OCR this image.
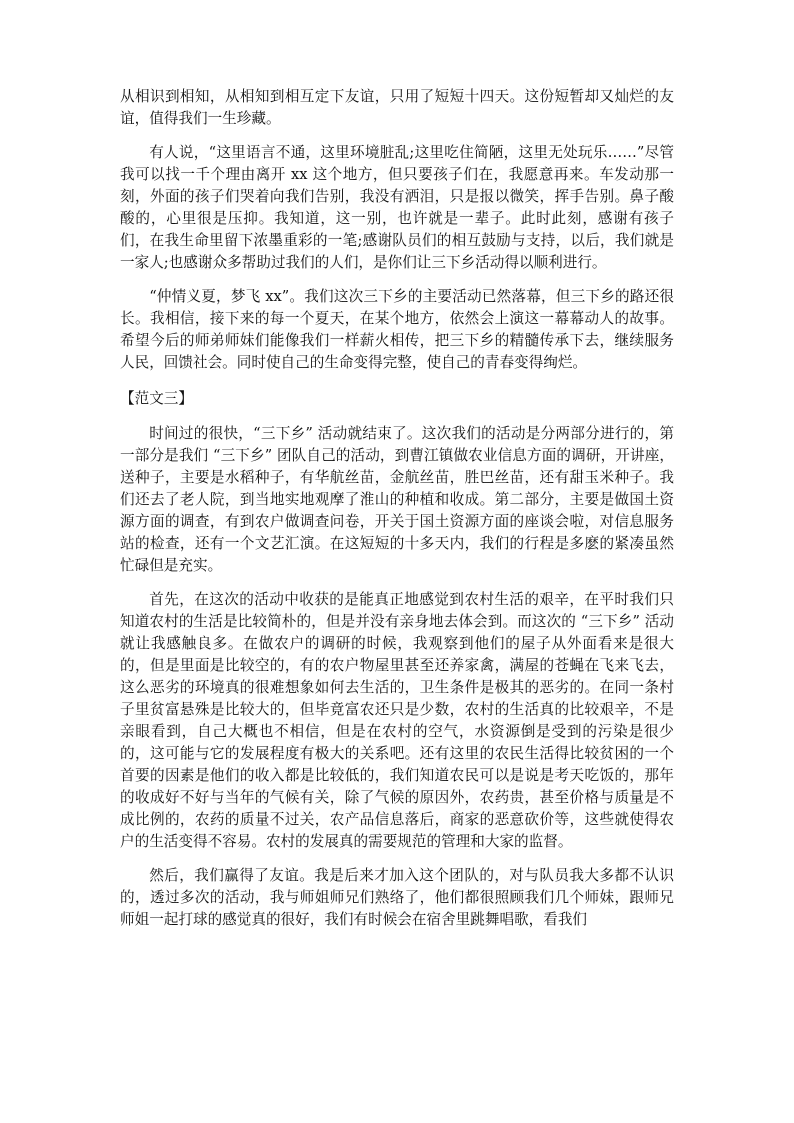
从相识到相知，从相知到相互定下友谊，只用了短短十四天。这份短暂却又灿烂的友谊，值得我们一生珍藏。

有人说，“这里语言不通，这里环境脏乱;这里吃住简陋，这里无处玩乐……”尽管我可以找一千个理由离开 xx 这个地方，但只要孩子们在，我愿意再来。车发动那一刻，外面的孩子们哭着向我们告别，我没有洒泪，只是报以微笑，挥手告别。鼻子酸酸的，心里很是压抑。我知道，这一别，也许就是一辈子。此时此刻，感谢有孩子们，在我生命里留下浓墨重彩的一笔;感谢队员们的相互鼓励与支持，以后，我们就是一家人;也感谢众多帮助过我们的人们，是你们让三下乡活动得以顺利进行。

“仲情义夏，梦飞 xx”。我们这次三下乡的主要活动已然落幕，但三下乡的路还很长。我相信，接下来的每一个夏天，在某个地方，依然会上演这一幕幕动人的故事。希望今后的师弟师妹们能像我们一样薪火相传，把三下乡的精髓传承下去，继续服务人民，回馈社会。同时使自己的生命变得完整，使自己的青春变得绚烂。

【范文三】

时间过的很快，“三下乡” 活动就结束了。这次我们的活动是分两部分进行的，第一部分是我们 “三下乡” 团队自己的活动，到曹江镇做农业信息方面的调研，开讲座，送种子，主要是水稻种子，有华航丝苗，金航丝苗，胜巴丝苗，还有甜玉米种子。我们还去了老人院，到当地实地观摩了淮山的种植和收成。第二部分，主要是做国土资源方面的调查，有到农户做调查问卷，开关于国土资源方面的座谈会啦，对信息服务站的检查，还有一个文艺汇演。在这短短的十多天内，我们的行程是多麽的紧凑虽然忙碌但是充实。

首先，在这次的活动中收获的是能真正地感觉到农村生活的艰辛，在平时我们只知道农村的生活是比较简朴的，但是并没有亲身地去体会到。而这次的 “三下乡” 活动就让我感触良多。在做农户的调研的时候，我观察到他们的屋子从外面看来是很大的，但是里面是比较空的，有的农户物屋里甚至还养家禽，满屋的苍蝇在飞来飞去，这么恶劣的环境真的很难想象如何去生活的，卫生条件是极其的恶劣的。在同一条村子里贫富悬殊是比较大的，但毕竟富农还只是少数，农村的生活真的比较艰辛，不是亲眼看到，自己大概也不相信，但是在农村的空气，水资源倒是受到的污染是很少的，这可能与它的发展程度有极大的关系吧。还有这里的农民生活得比较贫困的一个首要的因素是他们的收入都是比较低的，我们知道农民可以是说是考天吃饭的，那年的收成好不好与当年的气候有关，除了气候的原因外，农药贵，甚至价格与质量是不成比例的，农药的质量不过关，农产品信息落后，商家的恶意砍价等，这些就使得农户的生活变得不容易。农村的发展真的需要规范的管理和大家的监督。

然后，我们赢得了友谊。我是后来才加入这个团队的，对与队员我大多都不认识的，透过多次的活动，我与师姐师兄们熟络了，他们都很照顾我们几个师妹，跟师兄师姐一起打球的感觉真的很好，我们有时候会在宿舍里跳舞唱歌，看我们
